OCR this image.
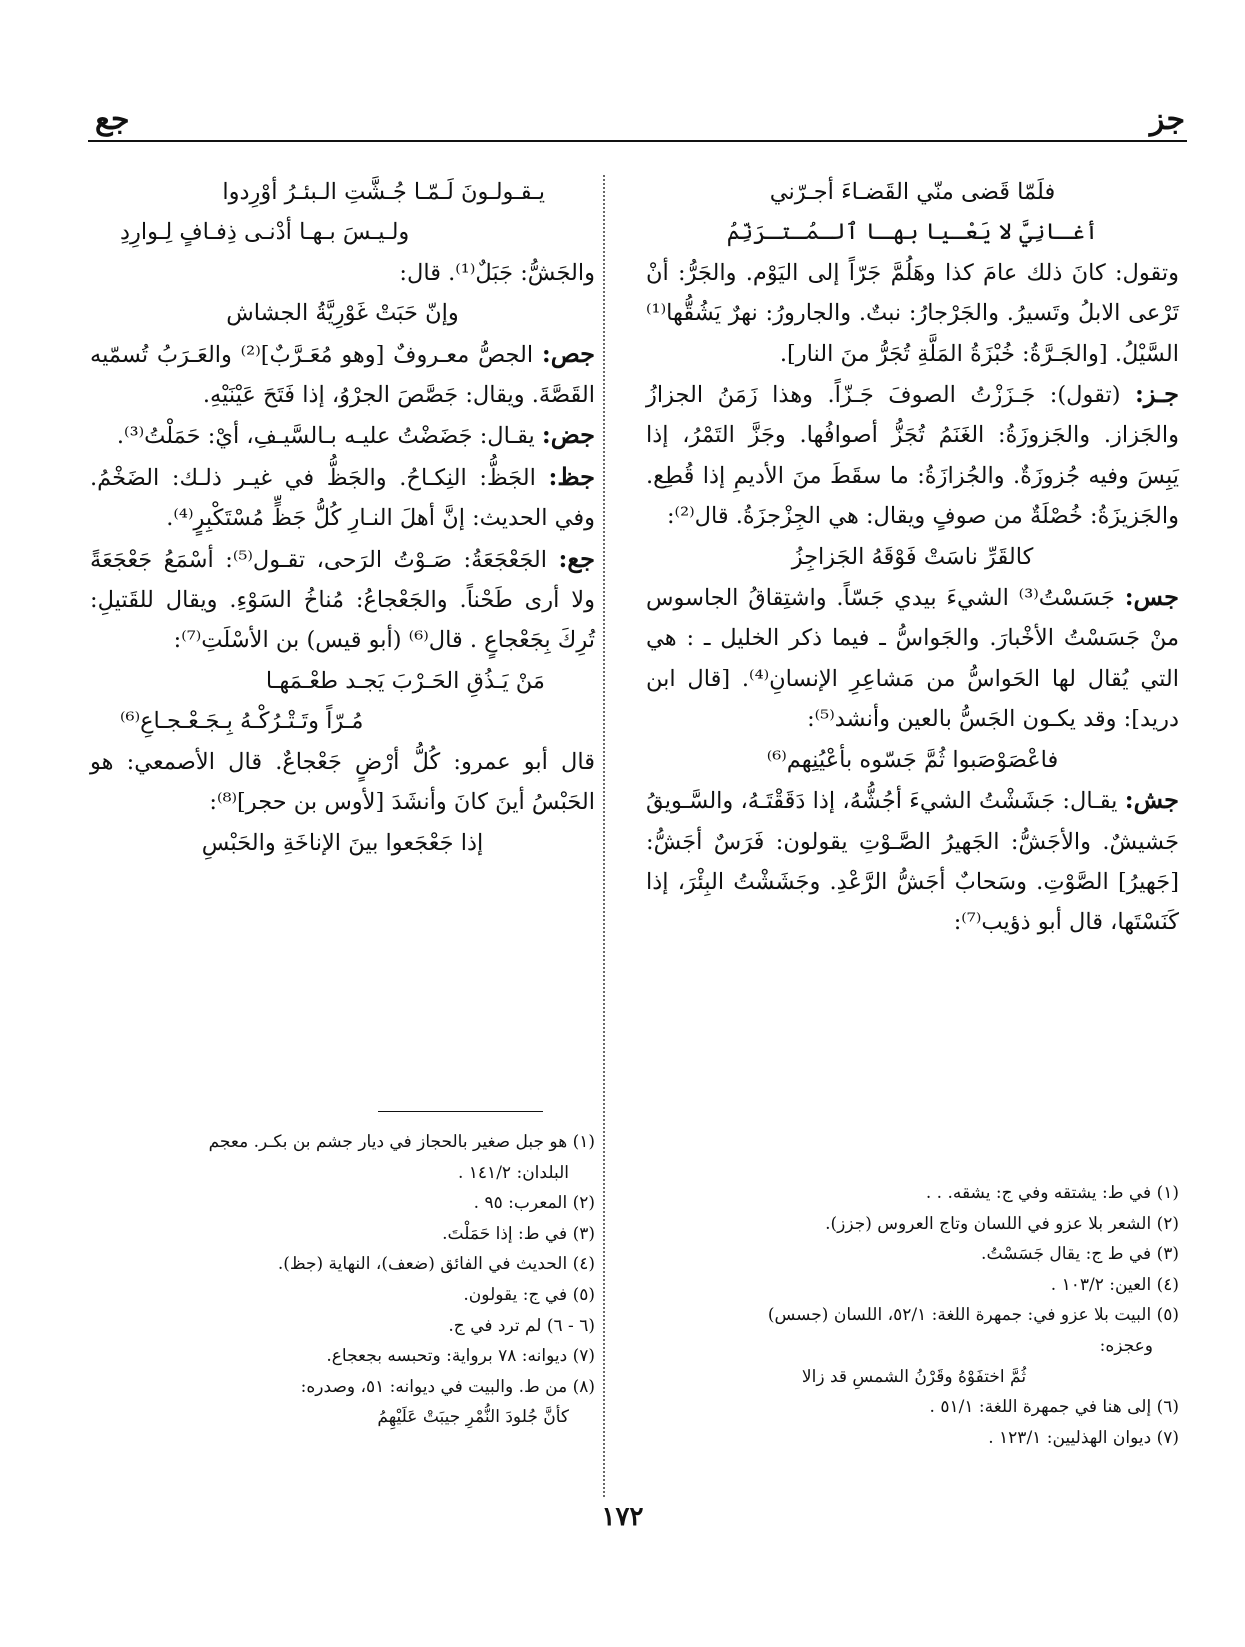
جز
جع

فلَمّا قَضى منّي القَضـاءَ أجـرّني

أغـانِيَّ لا يَعْـيا بهـا ٱلـمُـتـرَنِّمُ

وتقول: كانَ ذلك عامَ كذا وهَلُمَّ جَرّاً إلى اليَوْم. والجَرُّ: أنْ تَرْعى الابلُ وتَسيرُ. والجَرْجارُ: نبتٌ. والجارورُ: نهرٌ يَشُقُّها⁽¹⁾ السَّيْلُ. [والجَـرَّةُ: خُبْزَةُ المَلَّةِ تُجَرُّ منَ النار].

جـز: (تقول): جَـزَزْتُ الصوفَ جَـزّاً. وهذا زَمَنُ الجزازُ والجَزاز. والجَزوزَةُ: الغَنَمُ تُجَزُّ أصوافُها. وجَزَّ التَمْرُ، إذا يَبِسَ وفيه جُزوزَةٌ. والجُزازَةُ: ما سقَطَ منَ الأديمِ إذا قُطِع. والجَزيزَةُ: خُصْلَةٌ من صوفٍ ويقال: هي الجِزْجزَةُ. قال⁽²⁾:

كالقَرِّ ناسَتْ فَوْقَهُ الجَزاجِزُ

جس: جَسَسْتُ⁽³⁾ الشيءَ بيدي جَسّاً. واشتِقاقُ الجاسوس منْ جَسَسْتُ الأخْبارَ. والجَواسُّ ـ فيما ذكر الخليل ـ : هي التي يُقال لها الحَواسُّ من مَشاعِرِ الإنسانِ⁽⁴⁾. [قال ابن دريد]: وقد يكـون الجَسُّ بالعين وأنشد⁽⁵⁾:

فاعْصَوْصَبوا ثُمَّ جَسّوه بأعْيُنِهم⁽⁶⁾

جش: يقـال: جَشَشْتُ الشيءَ أجُشُّهُ، إذا دَقَقْتَـهُ، والسَّـويقُ جَشيشٌ. والأجَشُّ: الجَهيرُ الصَّـوْتِ يقولون: فَرَسٌ أجَشُّ: [جَهيرُ] الصَّوْتِ. وسَحابٌ أجَشُّ الرَّعْدِ. وجَشَشْتُ البِئْرَ، إذا كَنَسْتَها، قال أبو ذؤيب⁽⁷⁾:

يـقـولـونَ لَـمّـا جُـشَّتِ الـبئـرُ أوْرِدوا

ولـيـسَ بـهـا أدْنـى ذِفـافٍ لِـوارِدِ

والجَشُّ: جَبَلٌ⁽¹⁾. قال:

وإنّ حَبَتْ غَوْرِيَّةُ الجشاش

جص: الجصُّ معـروفٌ [وهو مُعَـرَّبٌ]⁽²⁾ والعَـرَبُ تُسمّيه القَصَّةَ. ويقال: جَصَّصَ الجرْوُ، إذا فَتَحَ عَيْنَيْهِ.

جض: يقـال: جَضَضْتُ عليـه بـالسَّيـفِ، أيْ: حَمَلْتُ⁽³⁾.

جظ: الجَظُّ: النِكـاحُ. والجَظُّ في غيـر ذلـك: الضَخْمُ. وفي الحديث: إنَّ أهلَ النـارِ كُلُّ جَظٍّ مُسْتَكْبِرٍ⁽⁴⁾.

جع: الجَعْجَعَةُ: صَـوْتُ الرَحى، تقـول⁽⁵⁾: أسْمَعُ جَعْجَعَةً ولا أرى طَحْناً. والجَعْجاعُ: مُناخُ السَوْءِ. ويقال للقَتيلِ: تُرِكَ بِجَعْجاعٍ . قال⁽⁶⁾ (أبو قيس) بن الأسْلَتِ⁽⁷⁾:

مَنْ يَـذُقِ الحَـرْبَ يَجـد طعْـمَهـا

مُـرّاً وتَـتْـرُكْـهُ بِـجَـعْـجـاعِ⁽⁶⁾

قال أبو عمرو: كُلُّ أرْضٍ جَعْجاعٌ. قال الأصمعي: هو الحَبْسُ أينَ كانَ وأنشَدَ [لأوس بن حجر]⁽⁸⁾:

إذا جَعْجَعوا بينَ الإناخَةِ والحَبْسِ

(١) في ط: يشتقه وفي ج: يشقه. . .
(٢) الشعر بلا عزو في اللسان وتاج العروس (جزز).
(٣) في ط ج: يقال جَسَسْتُ.
(٤) العين: ١٠٣/٢ .
(٥) البيت بلا عزو في: جمهرة اللغة: ٥٢/١، اللسان (جسس)
وعجزه:
ثُمَّ اختفَوْهُ وقَرْنُ الشمسِ قد زالا
(٦) إلى هنا في جمهرة اللغة: ٥١/١ .
(٧) ديوان الهذليين: ١٢٣/١ .
(١) هو جبل صغير بالحجاز في ديار جشم بن بكـر. معجم
البلدان: ١٤١/٢ .
(٢) المعرب: ٩٥ .
(٣) في ط: إذا حَمَلْتَ.
(٤) الحديث في الفائق (ضعف)، النهاية (جظ).
(٥) في ج: يقولون.
(٦ - ٦) لم ترد في ج.
(٧) ديوانه: ٧٨ برواية: وتحبسه بجعجاع.
(٨) من ط. والبيت في ديوانه: ٥١، وصدره:
كأنَّ جُلودَ النُّمْرِ جيبَتْ عَلَيْهِمُ
١٧٢
